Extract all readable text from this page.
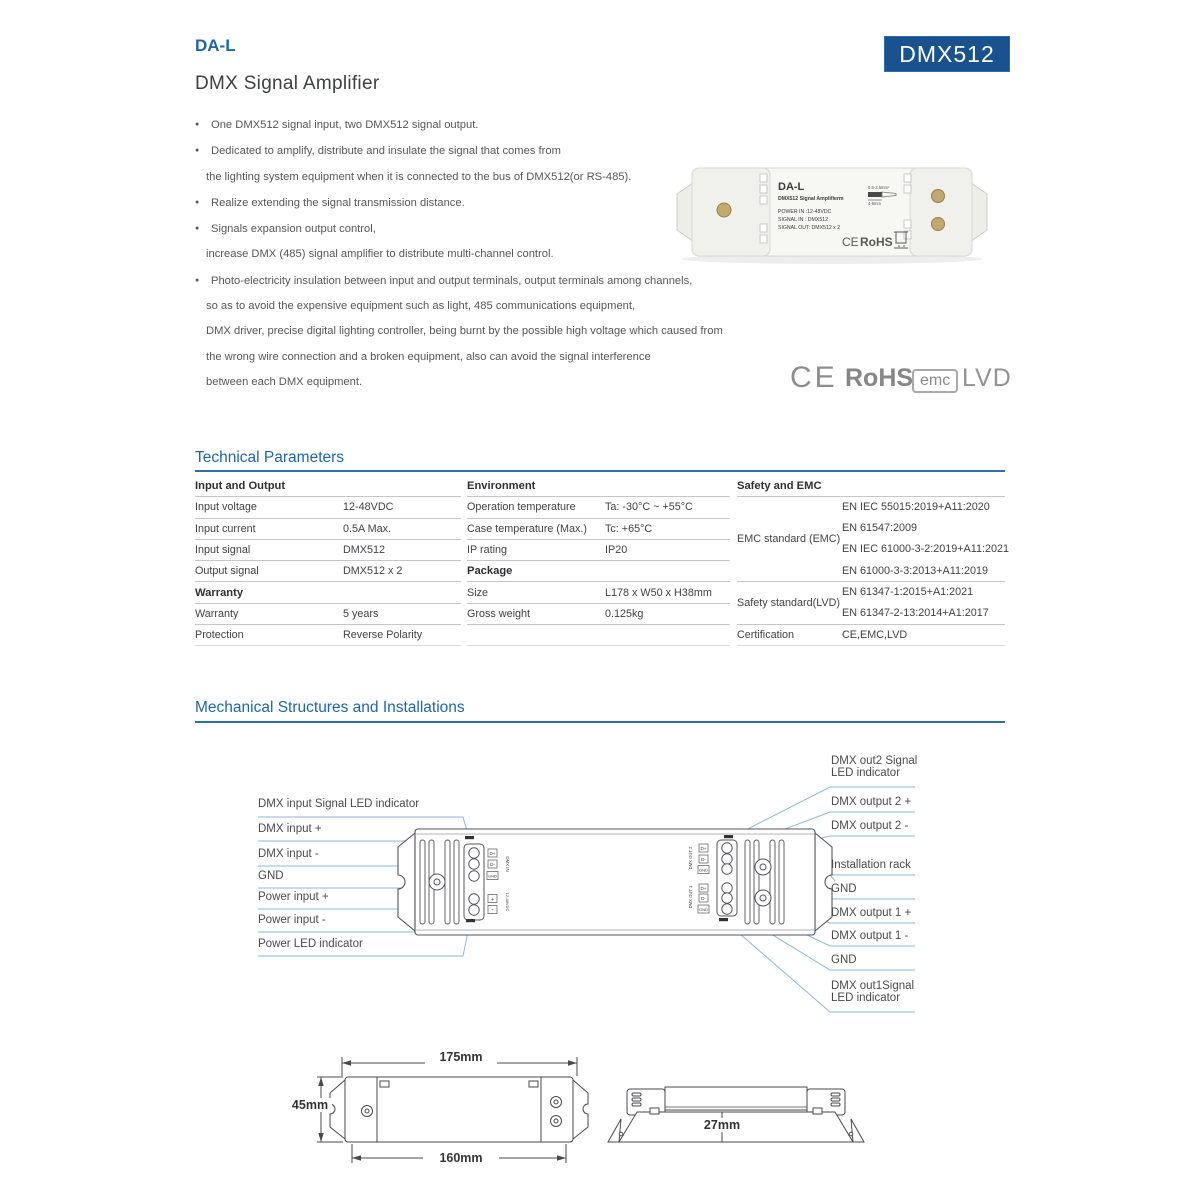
DA-L
DMX Signal Amplifier
DMX512
● One DMX512 signal input, two DMX512 signal output.
● Dedicated to amplify, distribute and insulate the signal that comes from
the lighting system equipment when it is connected to the bus of DMX512(or RS-485).
● Realize extending the signal transmission distance.
● Signals expansion output control,
increase DMX (485) signal amplifier to distribute multi-channel control.
● Photo-electricity insulation between input and output terminals, output terminals among channels,
so as to avoid the expensive equipment such as light, 485 communications equipment,
DMX driver, precise digital lighting controller, being burnt by the possible high voltage which caused from
the wrong wire connection and a broken equipment, also can avoid the signal interference
between each DMX equipment.
DA-L
DMX512 Signal Amplifierm
POWER IN :12-48VDC
SIGNAL IN : DMX512
SIGNAL OUT: DMX512 x 2
0.5-2.5mm²
4-5mm
CE RoHS
CE RoHS emc LVD
Technical Parameters
Input and Output
Input voltage	12-48VDC
Input current	0.5A Max.
Input signal	DMX512
Output signal	DMX512 x 2
Warranty
Warranty	5 years
Protection	Reverse Polarity
Environment
Operation temperature	Ta: -30°C ~ +55°C
Case temperature (Max.)	Tc: +65°C
IP rating	IP20
Package
Size	L178 x W50 x H38mm
Gross weight	0.125kg
Safety and EMC
EMC standard (EMC)
EN IEC 55015:2019+A11:2020
EN 61547:2009
EN IEC 61000-3-2:2019+A11:2021
EN 61000-3-3:2013+A11:2019
Safety standard(LVD)
EN 61347-1:2015+A1:2021
EN 61347-2-13:2014+A1:2017
Certification	CE,EMC,LVD
Mechanical Structures and Installations
D+
D-
GND
+
-
D+
D-
GND
D+
D-
GND
DMX IN
12-48VDC
DMX OUT 2
DMX OUT 1
DMX input Signal LED indicator
DMX input +
DMX input -
GND
Power input +
Power input -
Power LED indicator
DMX out2 Signal
LED indicator
DMX output 2 +
DMX output 2 -
Installation rack
GND
DMX output 1 +
DMX output 1 -
GND
DMX out1Signal
LED indicator
175mm
45mm
160mm
27mm
